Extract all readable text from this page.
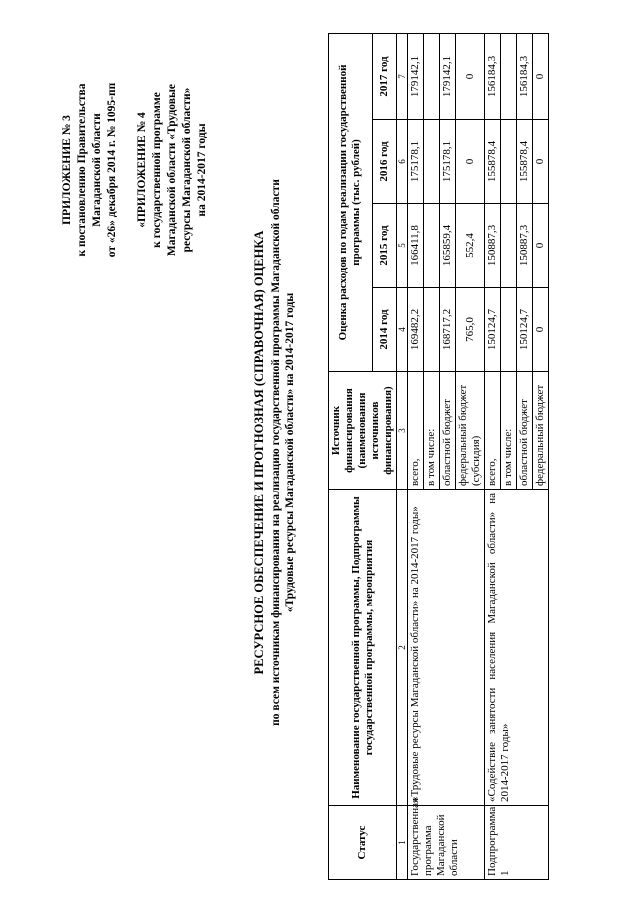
ПРИЛОЖЕНИЕ № 3 к постановлению Правительства Магаданской области от «26» декабря 2014 г. № 1095-пп «ПРИЛОЖЕНИЕ № 4 к государственной программе Магаданской области «Трудовые ресурсы Магаданской области» на 2014-2017 годы

РЕСУРСНОЕ ОБЕСПЕЧЕНИЕ И ПРОГНОЗНАЯ (СПРАВОЧНАЯ) ОЦЕНКА по всем источникам финансирования на реализацию государственной программы Магаданской области «Трудовые ресурсы Магаданской области» на 2014-2017 годы

Статус	Наименование государственной программы, Подпрограммы государственной программы, мероприятия	Источник финансирования (наименования источников финансирования)	Оценка расходов по годам реализации государственной программы (тыс. рублей)			
			2014 год	2015 год	2016 год	2017 год
1	2	3	4	5	6	7
Государственная программа Магаданской области	«Трудовые ресурсы Магаданской области» на 2014-2017 годы»	всего,	169482,2	166411,8	175178,1	179142,1
		в том числе:				
		областной бюджет	168717,2	165859,4	175178,1	179142,1
		федеральный бюджет (субсидия)	765,0	552,4	0	0
Подпрограмма 1	«Содействие занятости населения Магаданской области» на 2014-2017 годы»	всего,	150124,7	150887,3	155878,4	156184,3
		в том числе:				
		областной бюджет	150124,7	150887,3	155878,4	156184,3
		федеральный бюджет	0	0	0	0
